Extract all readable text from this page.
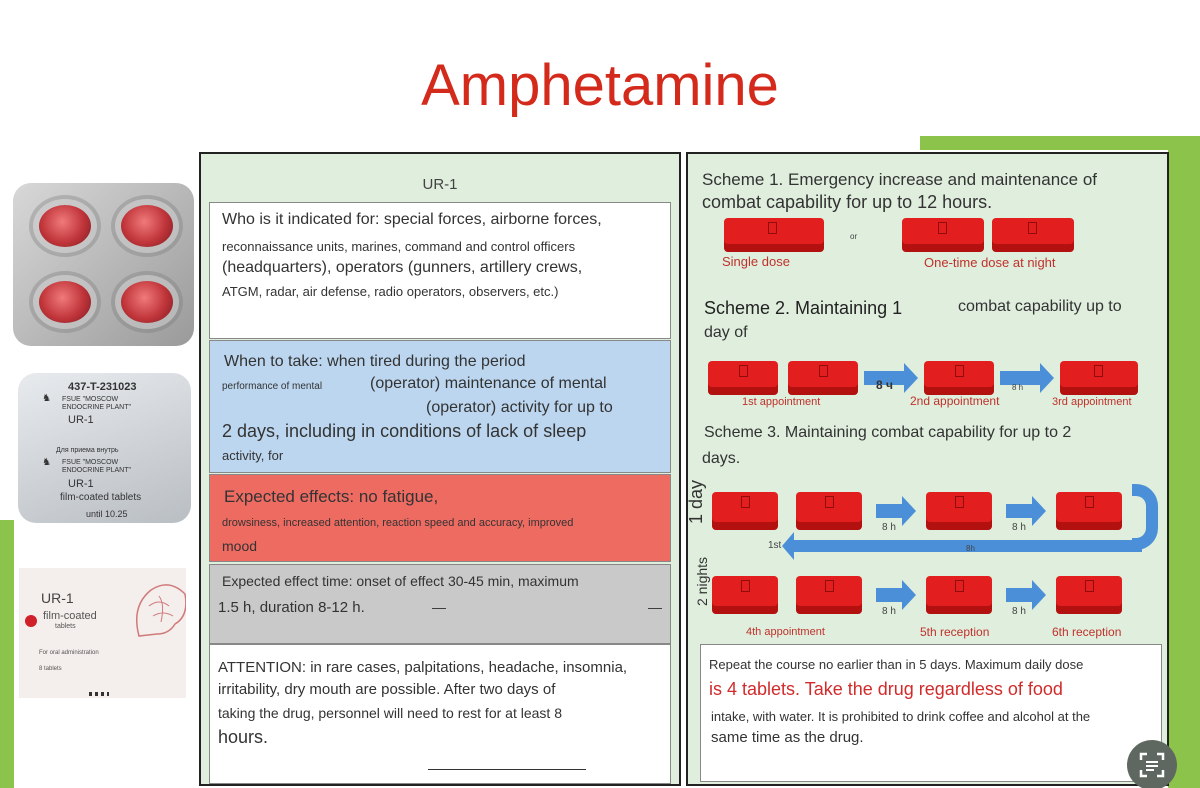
Amphetamine
437-T-231023
♞ FSUE "MOSCOW
ENDOCRINE PLANT"
UR-1
Для приема внутрь
♞ FSUE "MOSCOW
ENDOCRINE PLANT"
UR-1
film-coated tablets
until 10.25
UR-1
film-coated
tablets
For oral administration
8 tablets
UR-1
Who is it indicated for: special forces, airborne forces,
reconnaissance units, marines, command and control officers
(headquarters), operators (gunners, artillery crews,
ATGM, radar, air defense, radio operators, observers, etc.)
When to take: when tired during the period
performance of mental	(operator) maintenance of mental
(operator) activity for up to
2 days, including in conditions of lack of sleep
activity, for
Expected effects: no fatigue,
drowsiness, increased attention, reaction speed and accuracy, improved
mood
Expected effect time: onset of effect 30-45 min, maximum
1.5 h, duration 8-12 h.	—	—
ATTENTION: in rare cases, palpitations, headache, insomnia,
irritability, dry mouth are possible. After two days of
taking the drug, personnel will need to rest for at least 8
hours.
Scheme 1. Emergency increase and maintenance of
combat capability for up to 12 hours.
or
Single dose	One-time dose at night
Scheme 2. Maintaining 1	combat capability up to
day of
8 ч	8 h
1st appointment	2nd appointment	3rd appointment
Scheme 3. Maintaining combat capability for up to 2
days.
1 day
2 nights
8 h	8 h
1st	8h
8 h	8 h
4th appointment	5th reception	6th reception
Repeat the course no earlier than in 5 days. Maximum daily dose
is 4 tablets. Take the drug regardless of food
intake, with water. It is prohibited to drink coffee and alcohol at the
same time as the drug.
